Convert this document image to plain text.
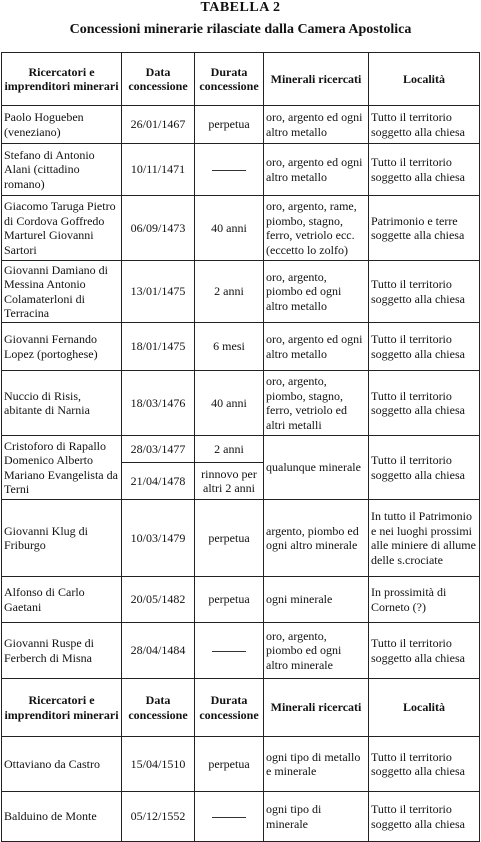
TABELLA 2
Concessioni minerarie rilasciate dalla Camera Apostolica
Ricercatori e imprenditori minerari	Data concessione	Durata concessione	Minerali ricercati	Località
Paolo Hogueben (veneziano)	26/01/1467	perpetua	oro, argento ed ogni altro metallo	Tutto il territorio soggetto alla chiesa
Stefano di Antonio Alani (cittadino romano)	10/11/1471		oro, argento ed ogni altro metallo	Tutto il territorio soggetto alla chiesa
Giacomo Taruga Pietro di Cordova Goffredo Marturel Giovanni Sartori	06/09/1473	40 anni	oro, argento, rame, piombo, stagno, ferro, vetriolo ecc. (eccetto lo zolfo)	Patrimonio e terre soggette alla chiesa
Giovanni Damiano di Messina Antonio Colamaterloni di Terracina	13/01/1475	2 anni	oro, argento, piombo ed ogni altro metallo	Tutto il territorio soggetto alla chiesa
Giovanni Fernando Lopez (portoghese)	18/01/1475	6 mesi	oro, argento ed ogni altro metallo	Tutto il territorio soggetto alla chiesa
Nuccio di Risis, abitante di Narnia	18/03/1476	40 anni	oro, argento, piombo, stagno, ferro, vetriolo ed altri metalli	Tutto il territorio soggetto alla chiesa
Cristoforo di Rapallo Domenico Alberto Mariano Evangelista da Terni	28/03/1477	2 anni	qualunque minerale	Tutto il territorio soggetto alla chiesa
	21/04/1478	rinnovo per altri 2 anni		
Giovanni Klug di Friburgo	10/03/1479	perpetua	argento, piombo ed ogni altro minerale	In tutto il Patrimonio e nei luoghi prossimi alle miniere di allume delle s.crociate
Alfonso di Carlo Gaetani	20/05/1482	perpetua	ogni minerale	In prossimità di Corneto (?)
Giovanni Ruspe di Ferberch di Misna	28/04/1484		oro, argento, piombo ed ogni altro minerale	Tutto il territorio soggetto alla chiesa
Ricercatori e imprenditori minerari	Data concessione	Durata concessione	Minerali ricercati	Località
Ottaviano da Castro	15/04/1510	perpetua	ogni tipo di metallo e minerale	Tutto il territorio soggetto alla chiesa
Balduino de Monte	05/12/1552		ogni tipo di minerale	Tutto il territorio soggetto alla chiesa
